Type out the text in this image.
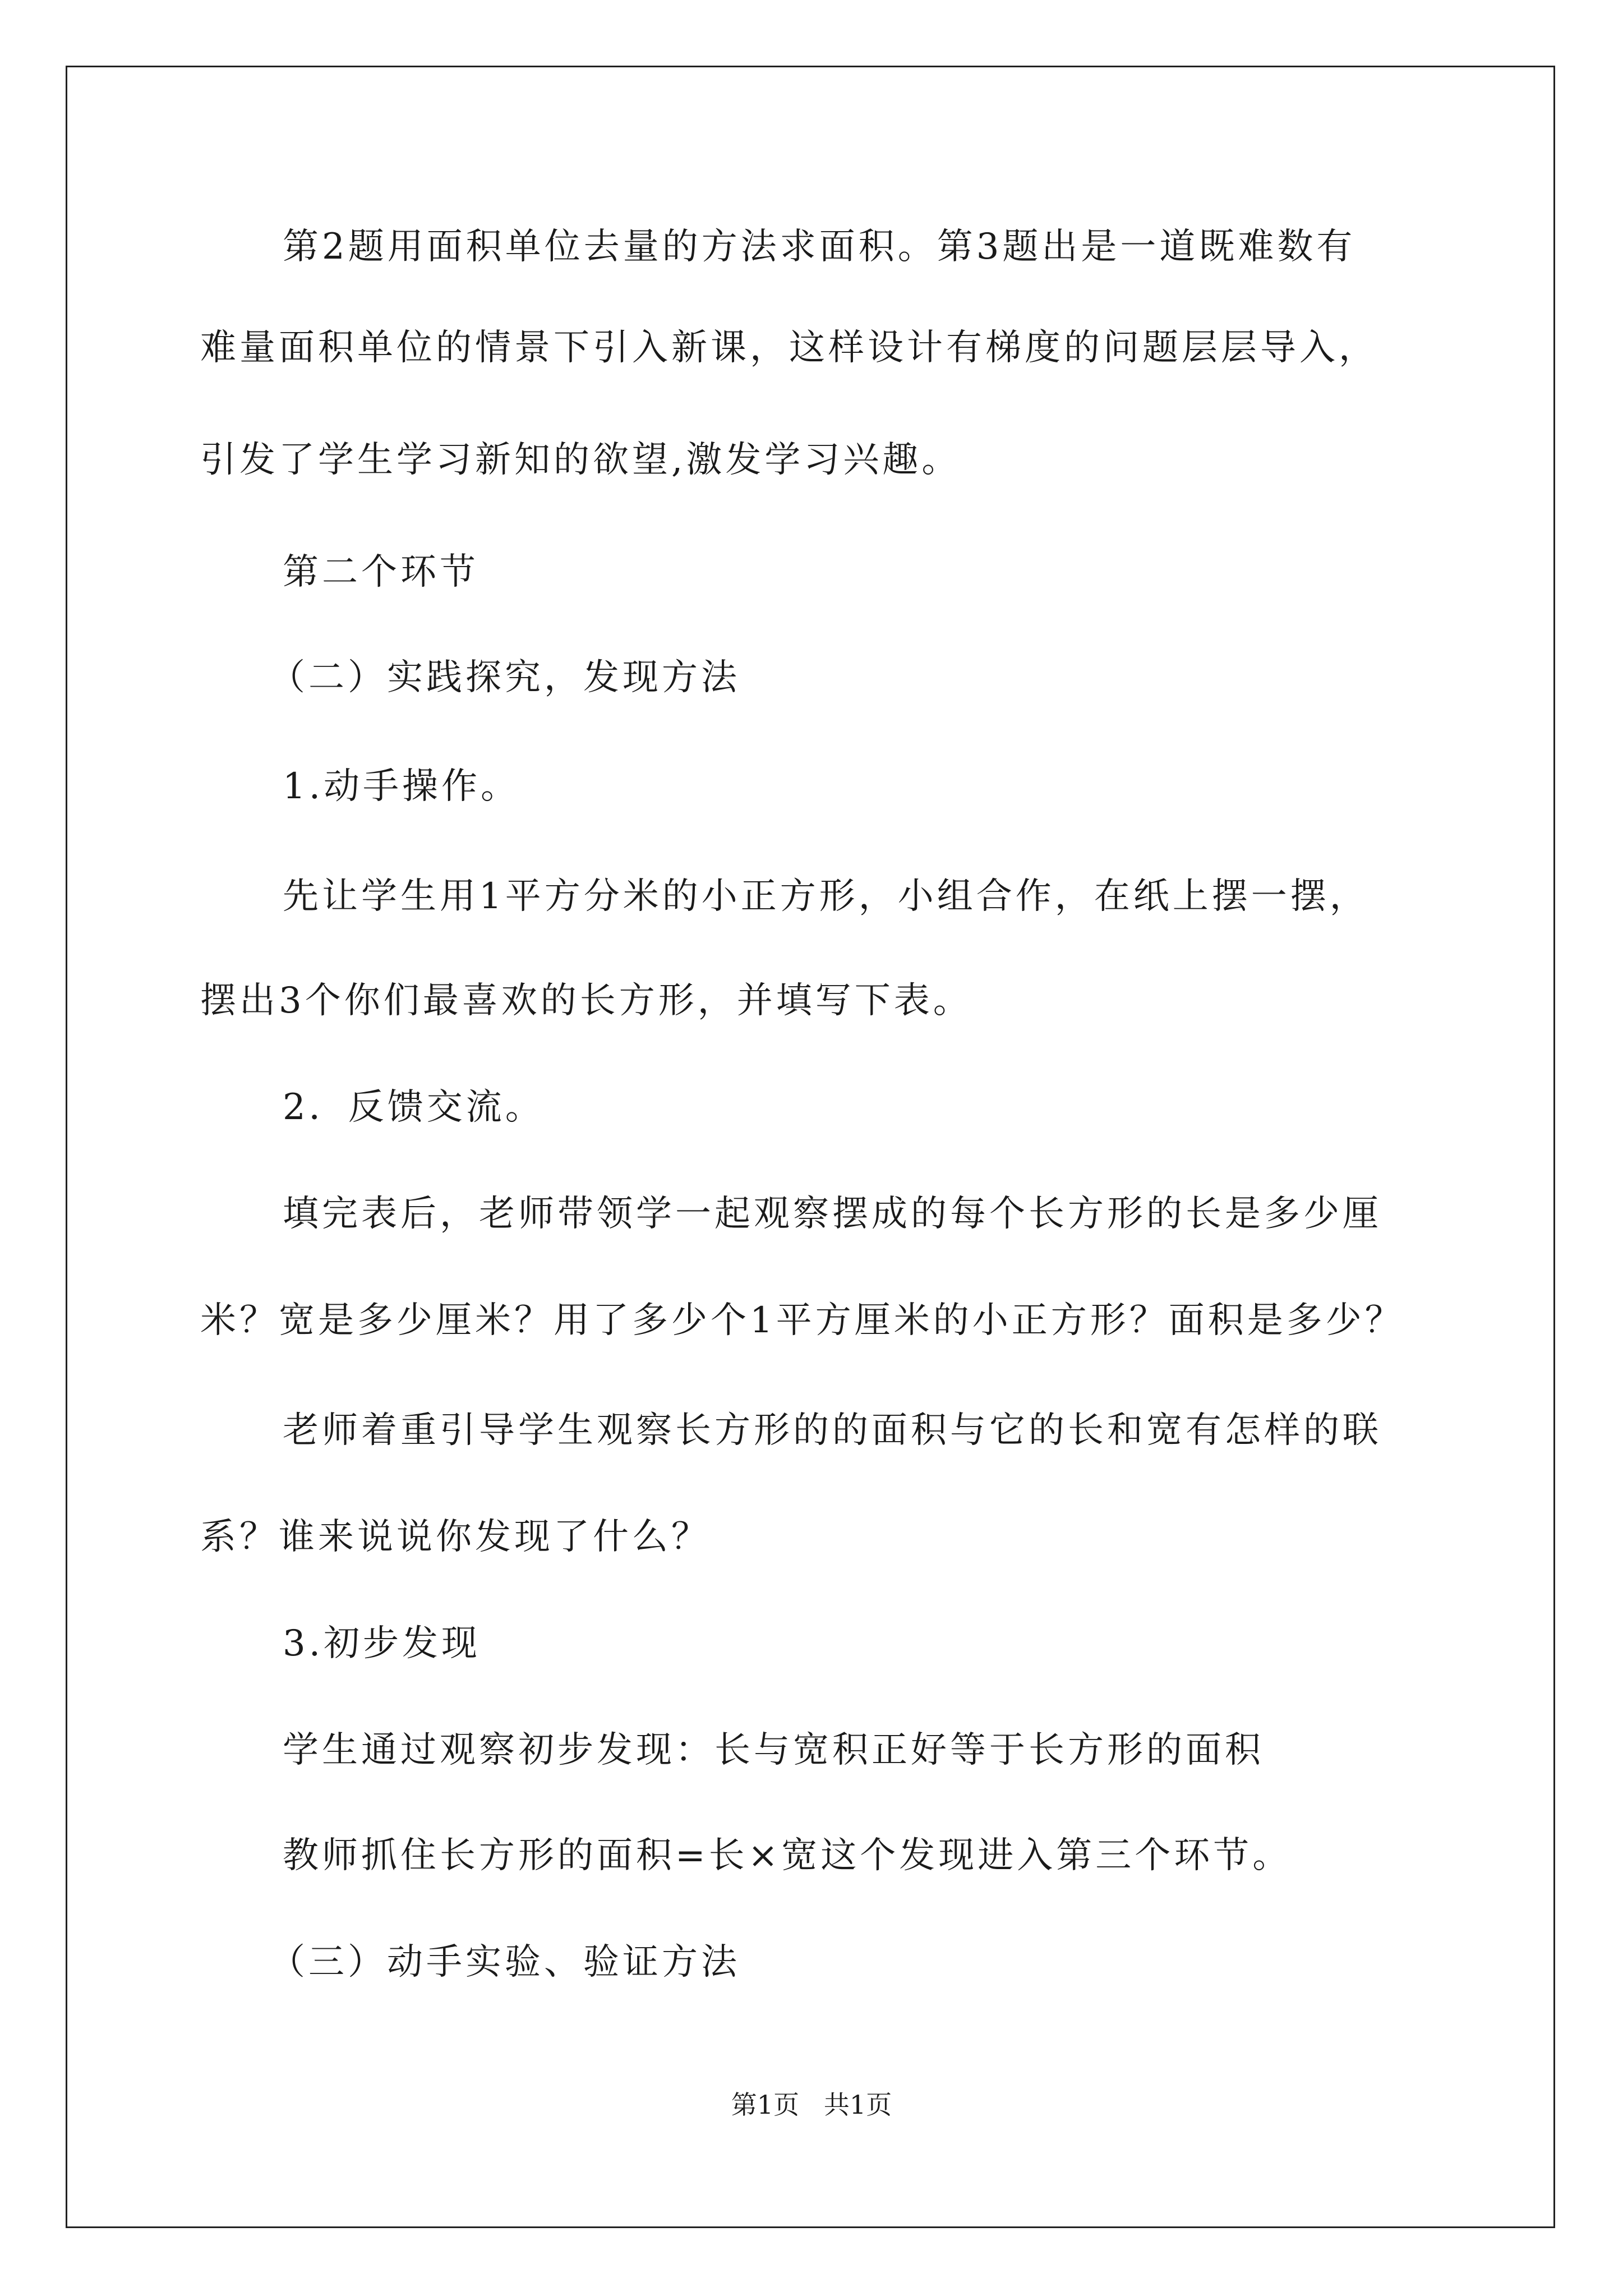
第2题用面积单位去量的方法求面积。第3题出是一道既难数有
难量面积单位的情景下引入新课，这样设计有梯度的问题层层导入，
引发了学生学习新知的欲望,激发学习兴趣。
第二个环节
（二）实践探究，发现方法
1.动手操作。
先让学生用1平方分米的小正方形，小组合作，在纸上摆一摆，
摆出3个你们最喜欢的长方形，并填写下表。
2．反馈交流。
填完表后，老师带领学一起观察摆成的每个长方形的长是多少厘
米？宽是多少厘米？用了多少个1平方厘米的小正方形？面积是多少？
老师着重引导学生观察长方形的的面积与它的长和宽有怎样的联
系？谁来说说你发现了什么？
3.初步发现
学生通过观察初步发现：长与宽积正好等于长方形的面积
教师抓住长方形的面积=长×宽这个发现进入第三个环节。
（三）动手实验、验证方法
第1页   共1页
